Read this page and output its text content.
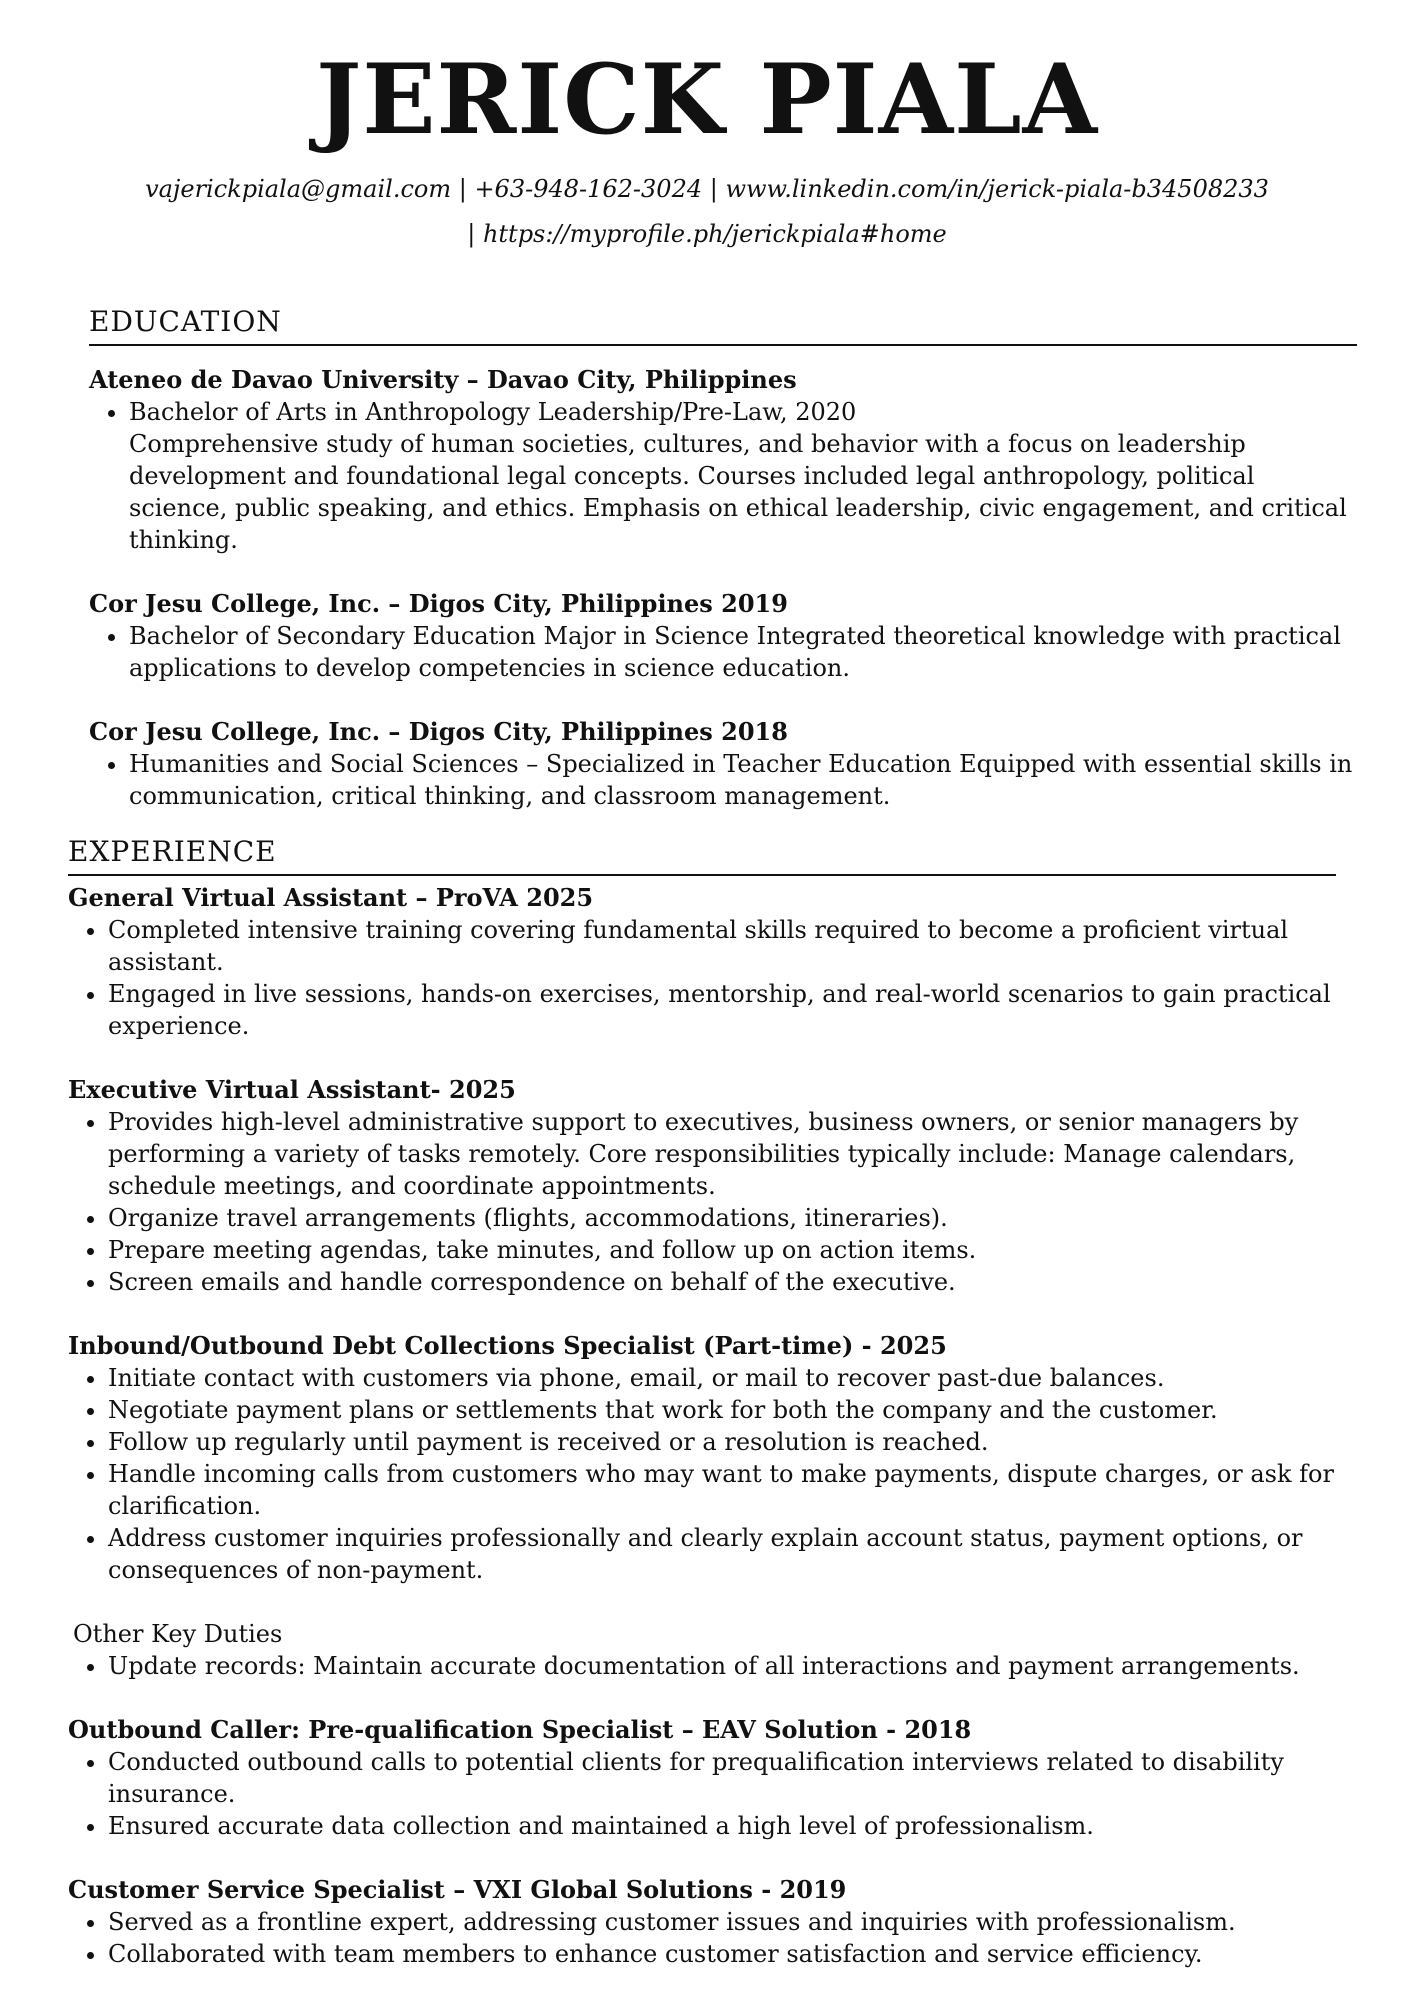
JERICK PIALA

vajerickpiala@gmail.com | +63-948-162-3024 | www.linkedin.com/in/jerick-piala-b34508233

| https://myprofile.ph/jerickpiala#home

EDUCATION

Ateneo de Davao University – Davao City, Philippines

• Bachelor of Arts in Anthropology Leadership/Pre-Law, 2020

Comprehensive study of human societies, cultures, and behavior with a focus on leadership development and foundational legal concepts. Courses included legal anthropology, political science, public speaking, and ethics. Emphasis on ethical leadership, civic engagement, and critical thinking.

Cor Jesu College, Inc. – Digos City, Philippines 2019

• Bachelor of Secondary Education Major in Science Integrated theoretical knowledge with practical applications to develop competencies in science education.

Cor Jesu College, Inc. – Digos City, Philippines 2018

• Humanities and Social Sciences – Specialized in Teacher Education Equipped with essential skills in communication, critical thinking, and classroom management.
EXPERIENCE

General Virtual Assistant – ProVA 2025

• Completed intensive training covering fundamental skills required to become a proficient virtual assistant.
• Engaged in live sessions, hands-on exercises, mentorship, and real-world scenarios to gain practical experience.

Executive Virtual Assistant- 2025

• Provides high-level administrative support to executives, business owners, or senior managers by performing a variety of tasks remotely. Core responsibilities typically include: Manage calendars, schedule meetings, and coordinate appointments.
• Organize travel arrangements (flights, accommodations, itineraries).
• Prepare meeting agendas, take minutes, and follow up on action items.
• Screen emails and handle correspondence on behalf of the executive.

Inbound/Outbound Debt Collections Specialist (Part-time) - 2025

• Initiate contact with customers via phone, email, or mail to recover past-due balances.
• Negotiate payment plans or settlements that work for both the company and the customer.
• Follow up regularly until payment is received or a resolution is reached.
• Handle incoming calls from customers who may want to make payments, dispute charges, or ask for clarification.
• Address customer inquiries professionally and clearly explain account status, payment options, or consequences of non-payment.

Other Key Duties

• Update records: Maintain accurate documentation of all interactions and payment arrangements.

Outbound Caller: Pre-qualification Specialist – EAV Solution - 2018

• Conducted outbound calls to potential clients for prequalification interviews related to disability insurance.
• Ensured accurate data collection and maintained a high level of professionalism.

Customer Service Specialist – VXI Global Solutions - 2019

• Served as a frontline expert, addressing customer issues and inquiries with professionalism.
• Collaborated with team members to enhance customer satisfaction and service efficiency.
